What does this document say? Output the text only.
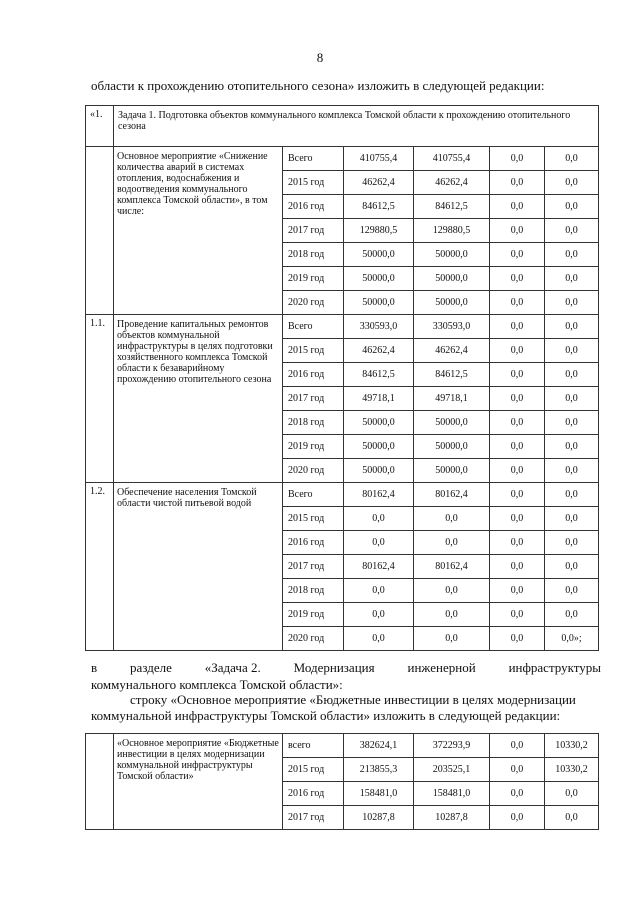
8
области к прохождению отопительного сезона» изложить в следующей редакции:
«1.	Задача 1. Подготовка объектов коммунального комплекса Томской области к прохождению отопительного сезона					
	Основное мероприятие «Снижение количества аварий в системах отопления, водоснабжения и водоотведения коммунального комплекса Томской области», в том числе:	Всего	410755,4	410755,4	0,0	0,0
		2015 год	46262,4	46262,4	0,0	0,0
		2016 год	84612,5	84612,5	0,0	0,0
		2017 год	129880,5	129880,5	0,0	0,0
		2018 год	50000,0	50000,0	0,0	0,0
		2019 год	50000,0	50000,0	0,0	0,0
		2020 год	50000,0	50000,0	0,0	0,0
1.1.	Проведение капитальных ремонтов объектов коммунальной инфраструктуры в целях подготовки хозяйственного комплекса Томской области к безаварийному прохождению отопительного сезона	Всего	330593,0	330593,0	0,0	0,0
		2015 год	46262,4	46262,4	0,0	0,0
		2016 год	84612,5	84612,5	0,0	0,0
		2017 год	49718,1	49718,1	0,0	0,0
		2018 год	50000,0	50000,0	0,0	0,0
		2019 год	50000,0	50000,0	0,0	0,0
		2020 год	50000,0	50000,0	0,0	0,0
1.2.	Обеспечение населения Томской области чистой питьевой водой	Всего	80162,4	80162,4	0,0	0,0
		2015 год	0,0	0,0	0,0	0,0
		2016 год	0,0	0,0	0,0	0,0
		2017 год	80162,4	80162,4	0,0	0,0
		2018 год	0,0	0,0	0,0	0,0
		2019 год	0,0	0,0	0,0	0,0
		2020 год	0,0	0,0	0,0	0,0»;
в	разделе	«Задача 2.	Модернизация	инженерной	инфраструктуры
коммунального комплекса Томской области»:
строку «Основное мероприятие «Бюджетные инвестиции в целях модернизации
коммунальной инфраструктуры Томской области» изложить в следующей редакции:
	«Основное мероприятие «Бюджетные инвестиции в целях модернизации коммунальной инфраструктуры Томской области»	всего	382624,1	372293,9	0,0	10330,2
		2015 год	213855,3	203525,1	0,0	10330,2
		2016 год	158481,0	158481,0	0,0	0,0
		2017 год	10287,8	10287,8	0,0	0,0
